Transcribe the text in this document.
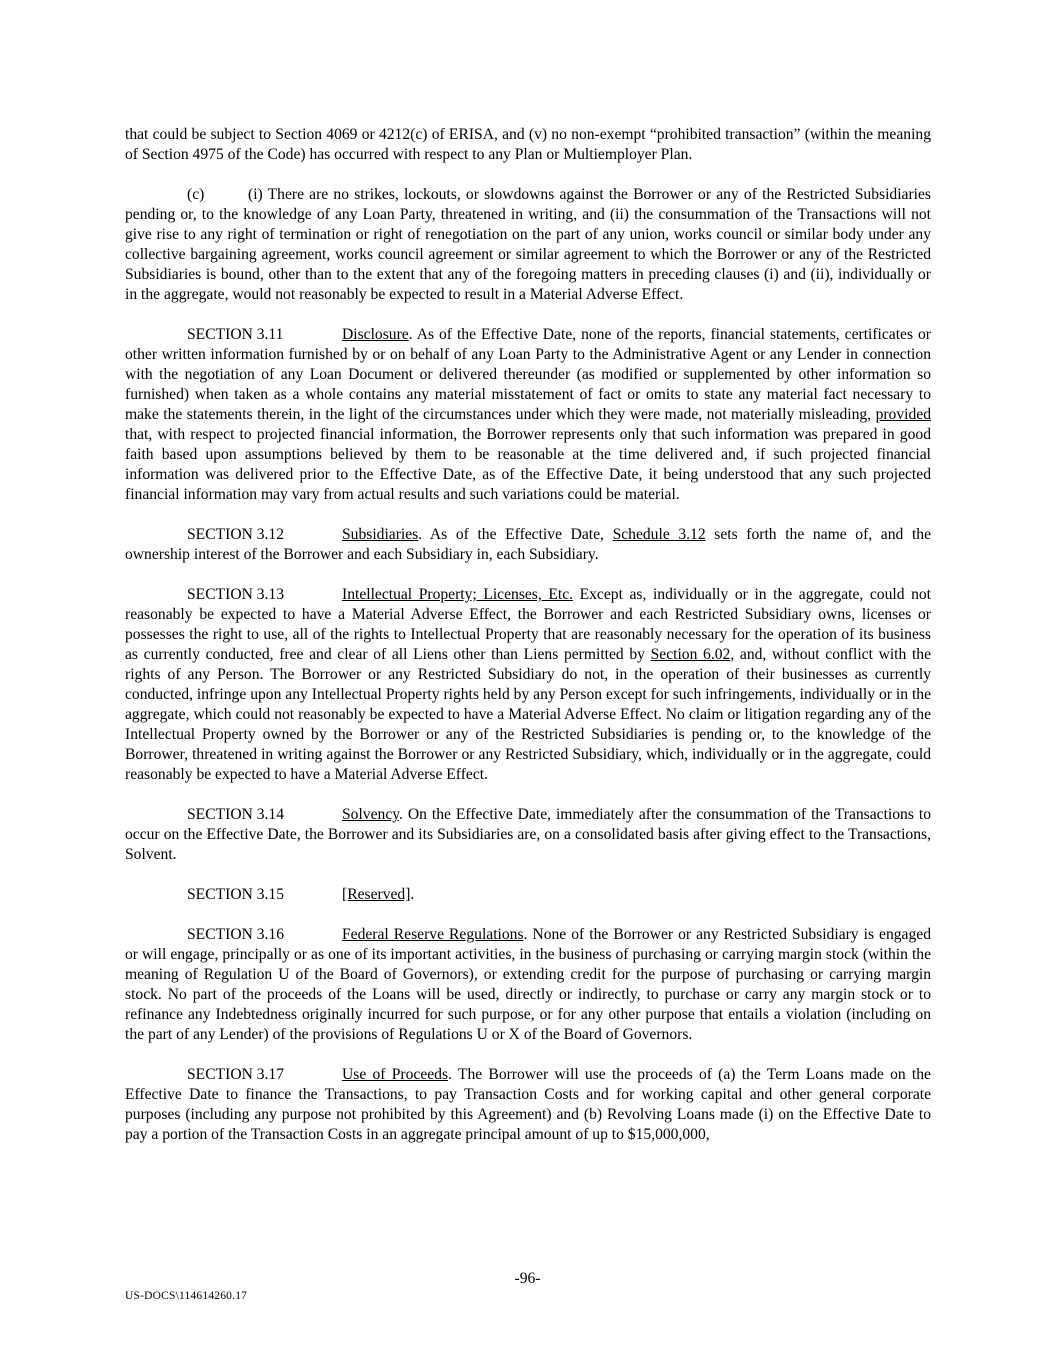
that could be subject to Section 4069 or 4212(c) of ERISA, and (v) no non-exempt “prohibited transaction” (within the meaning of Section 4975 of the Code) has occurred with respect to any Plan or Multiemployer Plan.

(c)	(i) There are no strikes, lockouts, or slowdowns against the Borrower or any of the Restricted Subsidiaries pending or, to the knowledge of any Loan Party, threatened in writing, and (ii) the consummation of the Transactions will not give rise to any right of termination or right of renegotiation on the part of any union, works council or similar body under any collective bargaining agreement, works council agreement or similar agreement to which the Borrower or any of the Restricted Subsidiaries is bound, other than to the extent that any of the foregoing matters in preceding clauses (i) and (ii), individually or in the aggregate, would not reasonably be expected to result in a Material Adverse Effect.

SECTION 3.11	Disclosure. As of the Effective Date, none of the reports, financial statements, certificates or other written information furnished by or on behalf of any Loan Party to the Administrative Agent or any Lender in connection with the negotiation of any Loan Document or delivered thereunder (as modified or supplemented by other information so furnished) when taken as a whole contains any material misstatement of fact or omits to state any material fact necessary to make the statements therein, in the light of the circumstances under which they were made, not materially misleading, provided that, with respect to projected financial information, the Borrower represents only that such information was prepared in good faith based upon assumptions believed by them to be reasonable at the time delivered and, if such projected financial information was delivered prior to the Effective Date, as of the Effective Date, it being understood that any such projected financial information may vary from actual results and such variations could be material.

SECTION 3.12	Subsidiaries. As of the Effective Date, Schedule 3.12 sets forth the name of, and the ownership interest of the Borrower and each Subsidiary in, each Subsidiary.

SECTION 3.13	Intellectual Property; Licenses, Etc. Except as, individually or in the aggregate, could not reasonably be expected to have a Material Adverse Effect, the Borrower and each Restricted Subsidiary owns, licenses or possesses the right to use, all of the rights to Intellectual Property that are reasonably necessary for the operation of its business as currently conducted, free and clear of all Liens other than Liens permitted by Section 6.02, and, without conflict with the rights of any Person. The Borrower or any Restricted Subsidiary do not, in the operation of their businesses as currently conducted, infringe upon any Intellectual Property rights held by any Person except for such infringements, individually or in the aggregate, which could not reasonably be expected to have a Material Adverse Effect. No claim or litigation regarding any of the Intellectual Property owned by the Borrower or any of the Restricted Subsidiaries is pending or, to the knowledge of the Borrower, threatened in writing against the Borrower or any Restricted Subsidiary, which, individually or in the aggregate, could reasonably be expected to have a Material Adverse Effect.

SECTION 3.14	Solvency. On the Effective Date, immediately after the consummation of the Transactions to occur on the Effective Date, the Borrower and its Subsidiaries are, on a consolidated basis after giving effect to the Transactions, Solvent.

SECTION 3.15	[Reserved].

SECTION 3.16	Federal Reserve Regulations. None of the Borrower or any Restricted Subsidiary is engaged or will engage, principally or as one of its important activities, in the business of purchasing or carrying margin stock (within the meaning of Regulation U of the Board of Governors), or extending credit for the purpose of purchasing or carrying margin stock. No part of the proceeds of the Loans will be used, directly or indirectly, to purchase or carry any margin stock or to refinance any Indebtedness originally incurred for such purpose, or for any other purpose that entails a violation (including on the part of any Lender) of the provisions of Regulations U or X of the Board of Governors.

SECTION 3.17	Use of Proceeds. The Borrower will use the proceeds of (a) the Term Loans made on the Effective Date to finance the Transactions, to pay Transaction Costs and for working capital and other general corporate purposes (including any purpose not prohibited by this Agreement) and (b) Revolving Loans made (i) on the Effective Date to pay a portion of the Transaction Costs in an aggregate principal amount of up to $15,000,000,

-96-
US-DOCS\114614260.17
